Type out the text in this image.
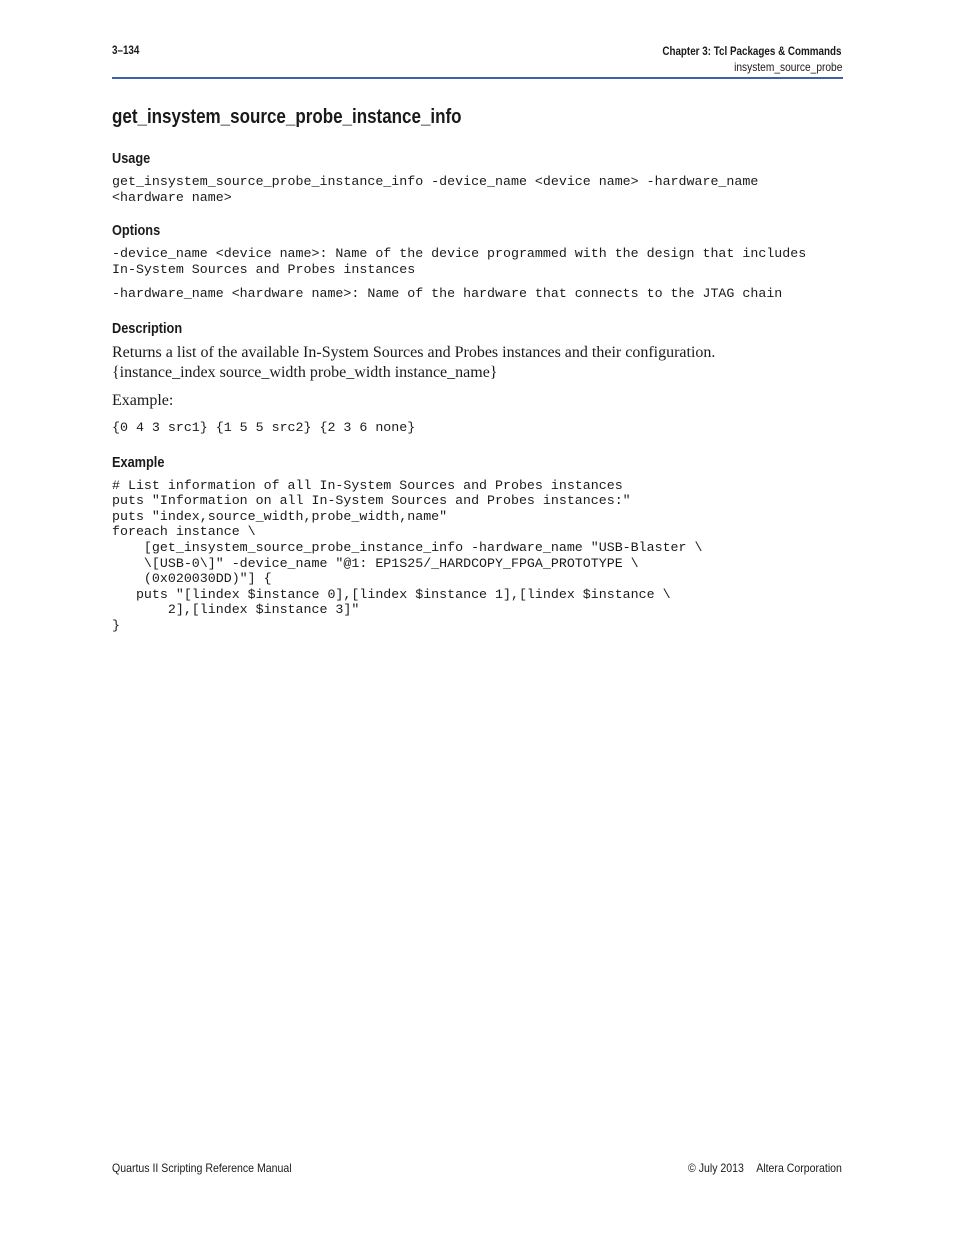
3–134	Chapter 3: Tcl Packages & Commands
insystem_source_probe
get_insystem_source_probe_instance_info
Usage

get_insystem_source_probe_instance_info -device_name <device name> -hardware_name

<hardware name>

Options

-device_name <device name>: Name of the device programmed with the design that includes

In-System Sources and Probes instances

-hardware_name <hardware name>: Name of the hardware that connects to the JTAG chain

Description

Returns a list of the available In-System Sources and Probes instances and their configuration.

{instance_index source_width probe_width instance_name}

Example:

{0 4 3 src1} {1 5 5 src2} {2 3 6 none}

Example

# List information of all In-System Sources and Probes instances

puts "Information on all In-System Sources and Probes instances:"

puts "index,source_width,probe_width,name"

foreach instance \

[get_insystem_source_probe_instance_info -hardware_name "USB-Blaster \

\[USB-0\]" -device_name "@1: EP1S25/_HARDCOPY_FPGA_PROTOTYPE \

(0x020030DD)"] {

puts "[lindex $instance 0],[lindex $instance 1],[lindex $instance \

2],[lindex $instance 3]"

}

Quartus II Scripting Reference Manual	© July 2013 Altera Corporation
